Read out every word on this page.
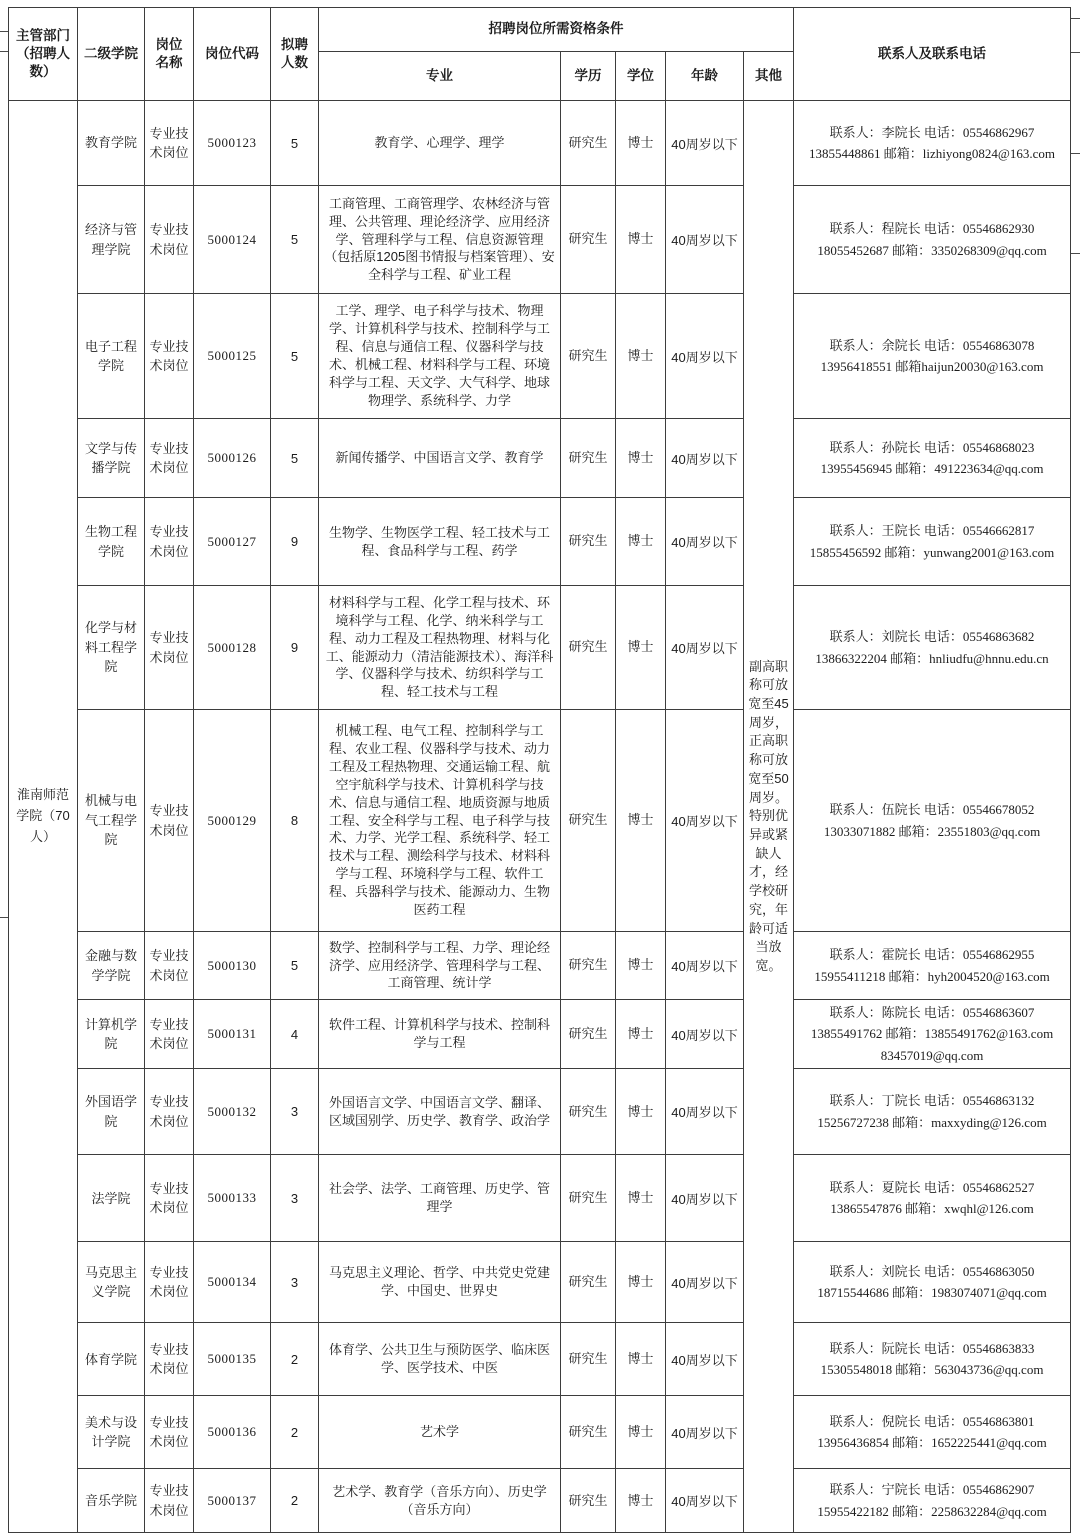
主管部门（招聘人数）	二级学院	岗位名称	岗位代码	拟聘人数	招聘岗位所需资格条件					联系人及联系电话
					专业	学历	学位	年龄	其他	
淮南师范学院（70人）	教育学院	专业技术岗位	5000123	5	教育学、心理学、理学	研究生	博士	40周岁以下	副高职称可放宽至45周岁，正高职称可放宽至50周岁。特别优异或紧缺人才，经学校研究，年龄可适当放宽。	联系人：李院长 电话：05546862967 13855448861 邮箱：lizhiyong0824@163.com
	经济与管理学院	专业技术岗位	5000124	5	工商管理、工商管理学、农林经济与管理、公共管理、理论经济学、应用经济学、管理科学与工程、信息资源管理（包括原1205图书情报与档案管理）、安全科学与工程、矿业工程	研究生	博士	40周岁以下		联系人：程院长 电话：05546862930 18055452687 邮箱：3350268309@qq.com
	电子工程学院	专业技术岗位	5000125	5	工学、理学、电子科学与技术、物理学、计算机科学与技术、控制科学与工程、信息与通信工程、仪器科学与技术、机械工程、材料科学与工程、环境科学与工程、天文学、大气科学、地球物理学、系统科学、力学	研究生	博士	40周岁以下		联系人：余院长 电话：05546863078 13956418551 邮箱haijun20030@163.com
	文学与传播学院	专业技术岗位	5000126	5	新闻传播学、中国语言文学、教育学	研究生	博士	40周岁以下		联系人：孙院长 电话：05546868023 13955456945 邮箱：491223634@qq.com
	生物工程学院	专业技术岗位	5000127	9	生物学、生物医学工程、轻工技术与工程、食品科学与工程、药学	研究生	博士	40周岁以下		联系人：王院长 电话：05546662817 15855456592 邮箱：yunwang2001@163.com
	化学与材料工程学院	专业技术岗位	5000128	9	材料科学与工程、化学工程与技术、环境科学与工程、化学、纳米科学与工程、动力工程及工程热物理、材料与化工、能源动力（清洁能源技术）、海洋科学、仪器科学与技术、纺织科学与工程、轻工技术与工程	研究生	博士	40周岁以下		联系人：刘院长 电话：05546863682 13866322204 邮箱：hnliudfu@hnnu.edu.cn
	机械与电气工程学院	专业技术岗位	5000129	8	机械工程、电气工程、控制科学与工程、农业工程、仪器科学与技术、动力工程及工程热物理、交通运输工程、航空宇航科学与技术、计算机科学与技术、信息与通信工程、地质资源与地质工程、安全科学与工程、电子科学与技术、力学、光学工程、系统科学、轻工技术与工程、测绘科学与技术、材料科学与工程、环境科学与工程、软件工程、兵器科学与技术、能源动力、生物医药工程	研究生	博士	40周岁以下		联系人：伍院长 电话：05546678052 13033071882 邮箱：23551803@qq.com
	金融与数学学院	专业技术岗位	5000130	5	数学、控制科学与工程、力学、理论经济学、应用经济学、管理科学与工程、工商管理、统计学	研究生	博士	40周岁以下		联系人：霍院长 电话：05546862955 15955411218 邮箱：hyh2004520@163.com
	计算机学院	专业技术岗位	5000131	4	软件工程、计算机科学与技术、控制科学与工程	研究生	博士	40周岁以下		联系人：陈院长 电话：05546863607 13855491762 邮箱：13855491762@163.com 83457019@qq.com
	外国语学院	专业技术岗位	5000132	3	外国语言文学、中国语言文学、翻译、区域国别学、历史学、教育学、政治学	研究生	博士	40周岁以下		联系人：丁院长 电话：05546863132 15256727238 邮箱：maxxyding@126.com
	法学院	专业技术岗位	5000133	3	社会学、法学、工商管理、历史学、管理学	研究生	博士	40周岁以下		联系人：夏院长 电话：05546862527 13865547876 邮箱：xwqhl@126.com
	马克思主义学院	专业技术岗位	5000134	3	马克思主义理论、哲学、中共党史党建学、中国史、世界史	研究生	博士	40周岁以下		联系人：刘院长 电话：05546863050 18715544686 邮箱：1983074071@qq.com
	体育学院	专业技术岗位	5000135	2	体育学、公共卫生与预防医学、临床医学、医学技术、中医	研究生	博士	40周岁以下		联系人：阮院长 电话：05546863833 15305548018 邮箱：563043736@qq.com
	美术与设计学院	专业技术岗位	5000136	2	艺术学	研究生	博士	40周岁以下		联系人：倪院长 电话：05546863801 13956436854 邮箱：1652225441@qq.com
	音乐学院	专业技术岗位	5000137	2	艺术学、教育学（音乐方向）、历史学（音乐方向）	研究生	博士	40周岁以下		联系人：宁院长 电话：05546862907 15955422182 邮箱：2258632284@qq.com
